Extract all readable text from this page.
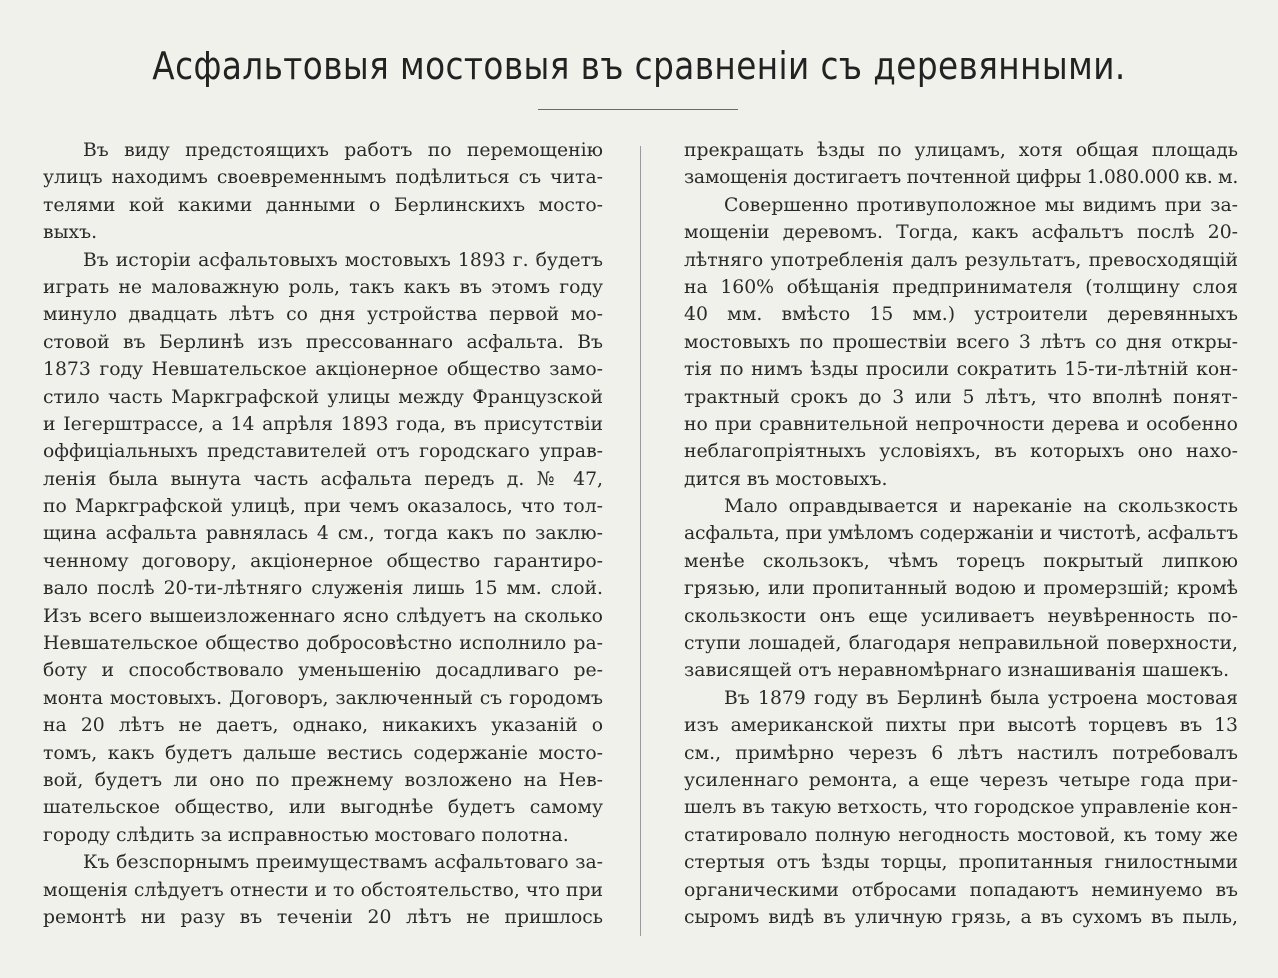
Асфальтовыя мостовыя въ сравненіи съ деревянными.
Въ виду предстоящихъ работъ по перемощенію
улицъ находимъ своевременнымъ подѣлиться съ чита-
телями кой какими данными о Берлинскихъ мосто-
выхъ.
Въ исторіи асфальтовыхъ мостовыхъ 1893 г. будетъ
играть не маловажную роль, такъ какъ въ этомъ году
минуло двадцать лѣтъ со дня устройства первой мо-
стовой въ Берлинѣ изъ прессованнаго асфальта. Въ
1873 году Невшательское акціонерное общество замо-
стило часть Маркграфской улицы между Французской
и Іегерштрассе, а 14 апрѣля 1893 года, въ присутствіи
оффиціальныхъ представителей отъ городскаго управ-
ленія была вынута часть асфальта передъ д. № 47,
по Маркграфской улицѣ, при чемъ оказалось, что тол-
щина асфальта равнялась 4 см., тогда какъ по заклю-
ченному договору, акціонерное общество гарантиро-
вало послѣ 20-ти-лѣтняго служенія лишь 15 мм. слой.
Изъ всего вышеизложеннаго ясно слѣдуетъ на сколько
Невшательское общество добросовѣстно исполнило ра-
боту и способствовало уменьшенію досадливаго ре-
монта мостовыхъ. Договоръ, заключенный съ городомъ
на 20 лѣтъ не даетъ, однако, никакихъ указаній о
томъ, какъ будетъ дальше вестись содержаніе мосто-
вой, будетъ ли оно по прежнему возложено на Нев-
шательское общество, или выгоднѣе будетъ самому
городу слѣдить за исправностью мостоваго полотна.
Къ безспорнымъ преимуществамъ асфальтоваго за-
мощенія слѣдуетъ отнести и то обстоятельство, что при
ремонтѣ ни разу въ теченіи 20 лѣтъ не пришлось
прекращать ѣзды по улицамъ, хотя общая площадь
замощенія достигаетъ почтенной цифры 1.080.000 кв. м.
Совершенно противуположное мы видимъ при за-
мощеніи деревомъ. Тогда, какъ асфальтъ послѣ 20-
лѣтняго употребленія далъ результатъ, превосходящій
на 160% обѣщанія предпринимателя (толщину слоя
40 мм. вмѣсто 15 мм.) устроители деревянныхъ
мостовыхъ по прошествіи всего 3 лѣтъ со дня откры-
тія по нимъ ѣзды просили сократить 15-ти-лѣтній кон-
трактный срокъ до 3 или 5 лѣтъ, что вполнѣ понят-
но при сравнительной непрочности дерева и особенно
неблагопріятныхъ условіяхъ, въ которыхъ оно нахо-
дится въ мостовыхъ.
Мало оправдывается и нареканіе на скользкость
асфальта, при умѣломъ содержаніи и чистотѣ, асфальтъ
менѣе скользокъ, чѣмъ торецъ покрытый липкою
грязью, или пропитанный водою и промерзшій; кромѣ
скользкости онъ еще усиливаетъ неувѣренность по-
ступи лошадей, благодаря неправильной поверхности,
зависящей отъ неравномѣрнаго изнашиванія шашекъ.
Въ 1879 году въ Берлинѣ была устроена мостовая
изъ американской пихты при высотѣ торцевъ въ 13
см., примѣрно черезъ 6 лѣтъ настилъ потребовалъ
усиленнаго ремонта, а еще черезъ четыре года при-
шелъ въ такую ветхость, что городское управленіе кон-
статировало полную негодность мостовой, къ тому же
стертыя отъ ѣзды торцы, пропитанныя гнилостными
органическими отбросами попадаютъ неминуемо въ
сыромъ видѣ въ уличную грязь, а въ сухомъ въ пыль,
